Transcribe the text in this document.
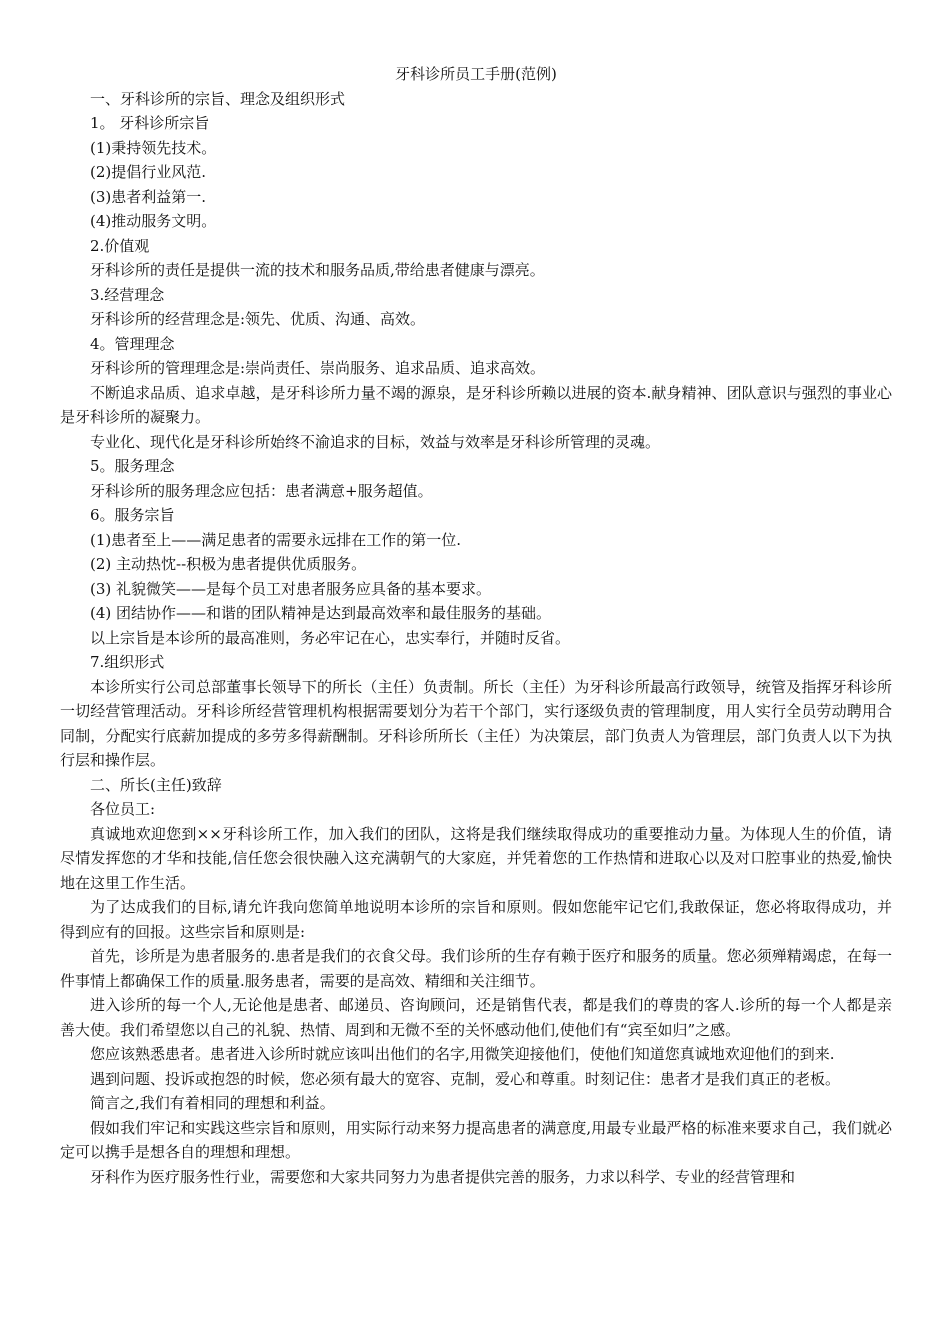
牙科诊所员工手册(范例)
一、牙科诊所的宗旨、理念及组织形式
1。 牙科诊所宗旨
(1)秉持领先技术。
(2)提倡行业风范.
(3)患者利益第一.
(4)推动服务文明。
2.价值观
牙科诊所的责任是提供一流的技术和服务品质,带给患者健康与漂亮。
3.经营理念
牙科诊所的经营理念是:领先、优质、沟通、高效。
4。管理理念
牙科诊所的管理理念是:崇尚责任、崇尚服务、追求品质、追求高效。
不断追求品质、追求卓越，是牙科诊所力量不竭的源泉，是牙科诊所赖以进展的资本.献身精神、团队意识与强烈的事业心是牙科诊所的凝聚力。
专业化、现代化是牙科诊所始终不渝追求的目标，效益与效率是牙科诊所管理的灵魂。
5。服务理念
牙科诊所的服务理念应包括：患者满意+服务超值。
6。服务宗旨
(1)患者至上——满足患者的需要永远排在工作的第一位.
(2) 主动热忱--积极为患者提供优质服务。
(3) 礼貌微笑——是每个员工对患者服务应具备的基本要求。
(4) 团结协作——和谐的团队精神是达到最高效率和最佳服务的基础。
以上宗旨是本诊所的最高准则，务必牢记在心，忠实奉行，并随时反省。
7.组织形式
本诊所实行公司总部董事长领导下的所长（主任）负责制。所长（主任）为牙科诊所最高行政领导，统管及指挥牙科诊所一切经营管理活动。牙科诊所经营管理机构根据需要划分为若干个部门，实行逐级负责的管理制度，用人实行全员劳动聘用合同制，分配实行底薪加提成的多劳多得薪酬制。牙科诊所所长（主任）为决策层，部门负责人为管理层，部门负责人以下为执行层和操作层。
二、所长(主任)致辞
各位员工:
真诚地欢迎您到××牙科诊所工作，加入我们的团队，这将是我们继续取得成功的重要推动力量。为体现人生的价值，请尽情发挥您的才华和技能,信任您会很快融入这充满朝气的大家庭，并凭着您的工作热情和进取心以及对口腔事业的热爱,愉快地在这里工作生活。
为了达成我们的目标,请允许我向您简单地说明本诊所的宗旨和原则。假如您能牢记它们,我敢保证，您必将取得成功，并得到应有的回报。这些宗旨和原则是:
首先，诊所是为患者服务的.患者是我们的衣食父母。我们诊所的生存有赖于医疗和服务的质量。您必须殚精竭虑，在每一件事情上都确保工作的质量.服务患者，需要的是高效、精细和关注细节。
进入诊所的每一个人,无论他是患者、邮递员、咨询顾问，还是销售代表，都是我们的尊贵的客人.诊所的每一个人都是亲善大使。我们希望您以自己的礼貌、热情、周到和无微不至的关怀感动他们,使他们有“宾至如归”之感。
您应该熟悉患者。患者进入诊所时就应该叫出他们的名字,用微笑迎接他们，使他们知道您真诚地欢迎他们的到来.
遇到问题、投诉或抱怨的时候，您必须有最大的宽容、克制，爱心和尊重。时刻记住：患者才是我们真正的老板。
简言之,我们有着相同的理想和利益。
假如我们牢记和实践这些宗旨和原则，用实际行动来努力提高患者的满意度,用最专业最严格的标准来要求自己，我们就必定可以携手是想各自的理想和理想。
牙科作为医疗服务性行业，需要您和大家共同努力为患者提供完善的服务，力求以科学、专业的经营管理和
